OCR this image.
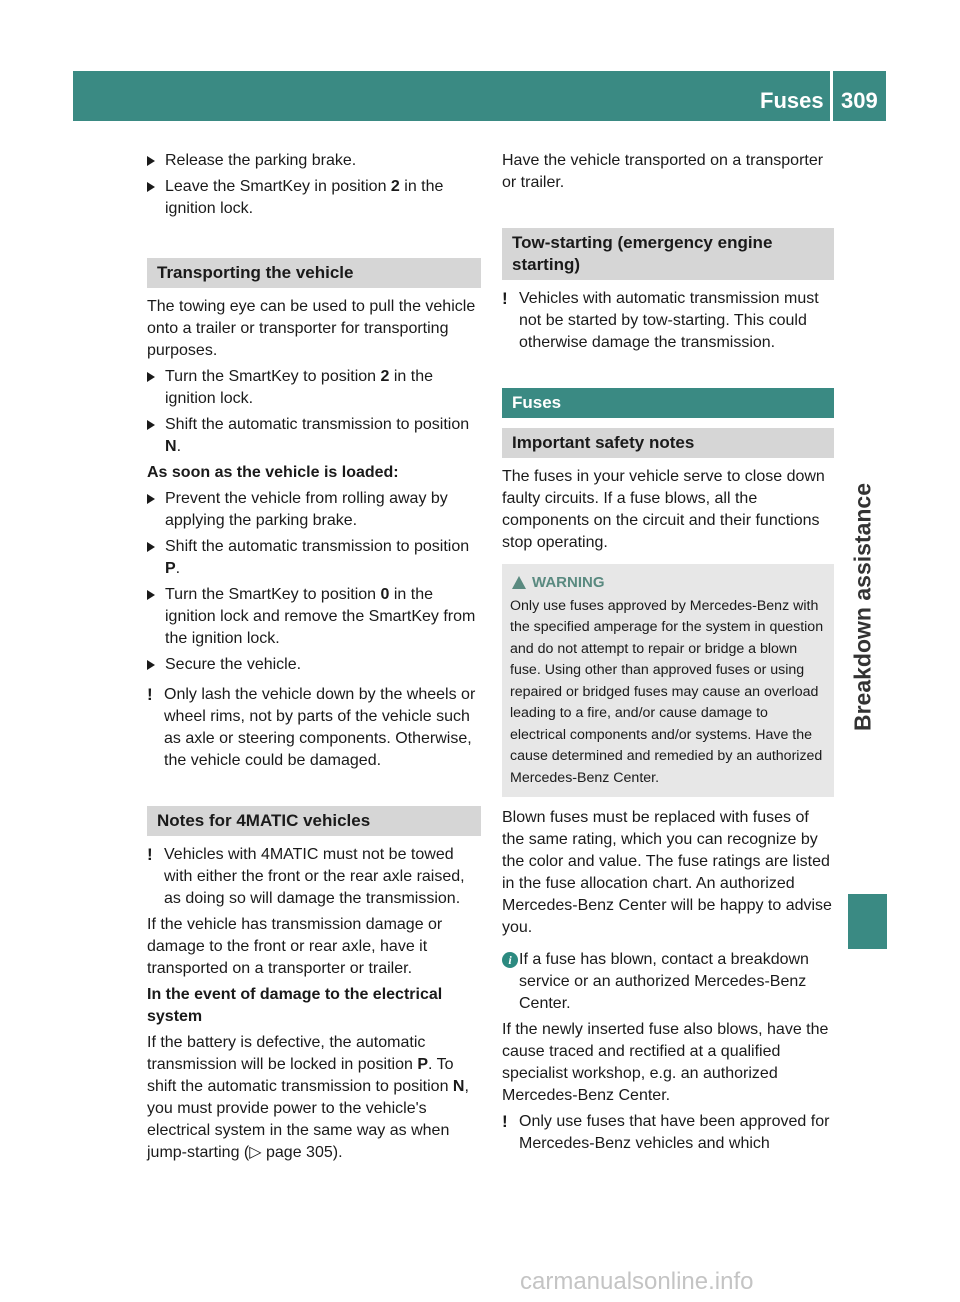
Fuses 309
Breakdown assistance
Release the parking brake.
Leave the SmartKey in position 2 in the ignition lock.
Transporting the vehicle

The towing eye can be used to pull the vehicle onto a trailer or transporter for transporting purposes.

Turn the SmartKey to position 2 in the ignition lock.
Shift the automatic transmission to position N.

As soon as the vehicle is loaded:

Prevent the vehicle from rolling away by applying the parking brake.
Shift the automatic transmission to position P.
Turn the SmartKey to position 0 in the ignition lock and remove the SmartKey from the ignition lock.
Secure the vehicle.
! Only lash the vehicle down by the wheels or wheel rims, not by parts of the vehicle such as axle or steering components. Otherwise, the vehicle could be damaged.
Notes for 4MATIC vehicles
! Vehicles with 4MATIC must not be towed with either the front or the rear axle raised, as doing so will damage the transmission.

If the vehicle has transmission damage or damage to the front or rear axle, have it transported on a transporter or trailer.

In the event of damage to the electrical system

If the battery is defective, the automatic transmission will be locked in position P. To shift the automatic transmission to position N, you must provide power to the vehicle's electrical system in the same way as when jump-starting (▷ page 305).

Have the vehicle transported on a transporter or trailer.

Tow-starting (emergency engine starting)
! Vehicles with automatic transmission must not be started by tow-starting. This could otherwise damage the transmission.
Fuses
Important safety notes

The fuses in your vehicle serve to close down faulty circuits. If a fuse blows, all the components on the circuit and their functions stop operating.

WARNING

Only use fuses approved by Mercedes-Benz with the specified amperage for the system in question and do not attempt to repair or bridge a blown fuse. Using other than approved fuses or using repaired or bridged fuses may cause an overload leading to a fire, and/or cause damage to electrical components and/or systems. Have the cause determined and remedied by an authorized Mercedes-Benz Center.

Blown fuses must be replaced with fuses of the same rating, which you can recognize by the color and value. The fuse ratings are listed in the fuse allocation chart. An authorized Mercedes-Benz Center will be happy to advise you.

i If a fuse has blown, contact a breakdown service or an authorized Mercedes-Benz Center.

If the newly inserted fuse also blows, have the cause traced and rectified at a qualified specialist workshop, e.g. an authorized Mercedes-Benz Center.

! Only use fuses that have been approved for Mercedes-Benz vehicles and which
carmanualsonline.info
